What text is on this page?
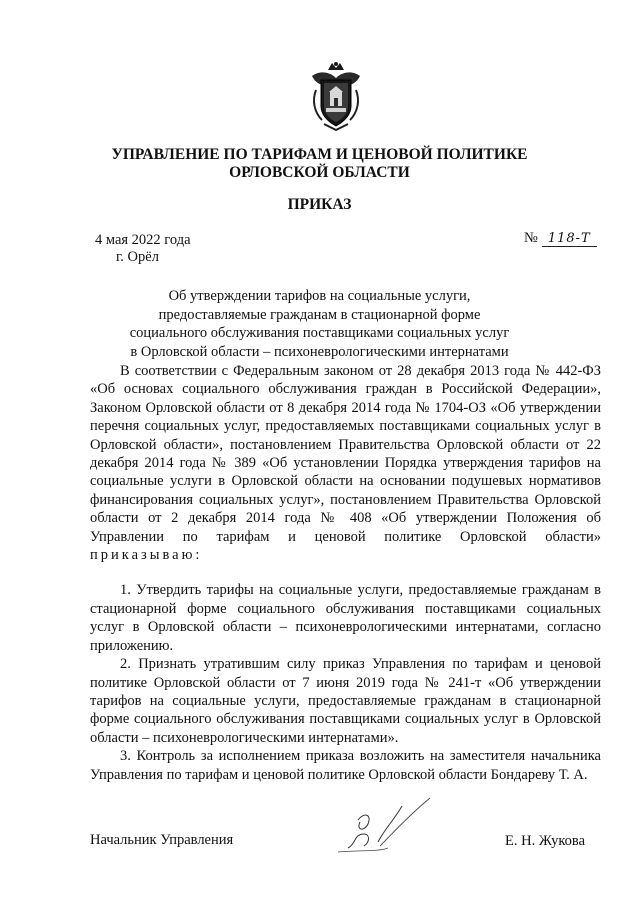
УПРАВЛЕНИЕ ПО ТАРИФАМ И ЦЕНОВОЙ ПОЛИТИКЕ
ОРЛОВСКОЙ ОБЛАСТИ
ПРИКАЗ
4 мая 2022 года
г. Орёл
№ 118-Т
Об утверждении тарифов на социальные услуги,
предоставляемые гражданам в стационарной форме
социального обслуживания поставщиками социальных услуг
в Орловской области – психоневрологическими интернатами

В соответствии с Федеральным законом от 28 декабря 2013 года № 442-ФЗ «Об основах социального обслуживания граждан в Российской Федерации», Законом Орловской области от 8 декабря 2014 года № 1704-ОЗ «Об утверждении перечня социальных услуг, предоставляемых поставщиками социальных услуг в Орловской области», постановлением Правительства Орловской области от 22 декабря 2014 года № 389 «Об установлении Порядка утверждения тарифов на социальные услуги в Орловской области на основании подушевых нормативов финансирования социальных услуг», постановлением Правительства Орловской области от 2 декабря 2014 года № 408 «Об утверждении Положения об Управлении по тарифам и ценовой политике Орловской области» приказываю:

1. Утвердить тарифы на социальные услуги, предоставляемые гражданам в стационарной форме социального обслуживания поставщиками социальных услуг в Орловской области – психоневрологическими интернатами, согласно приложению.

2. Признать утратившим силу приказ Управления по тарифам и ценовой политике Орловской области от 7 июня 2019 года № 241-т «Об утверждении тарифов на социальные услуги, предоставляемые гражданам в стационарной форме социального обслуживания поставщиками социальных услуг в Орловской области – психоневрологическими интернатами».

3. Контроль за исполнением приказа возложить на заместителя начальника Управления по тарифам и ценовой политике Орловской области Бондареву Т. А.

Начальник Управления	Е. Н. Жукова
